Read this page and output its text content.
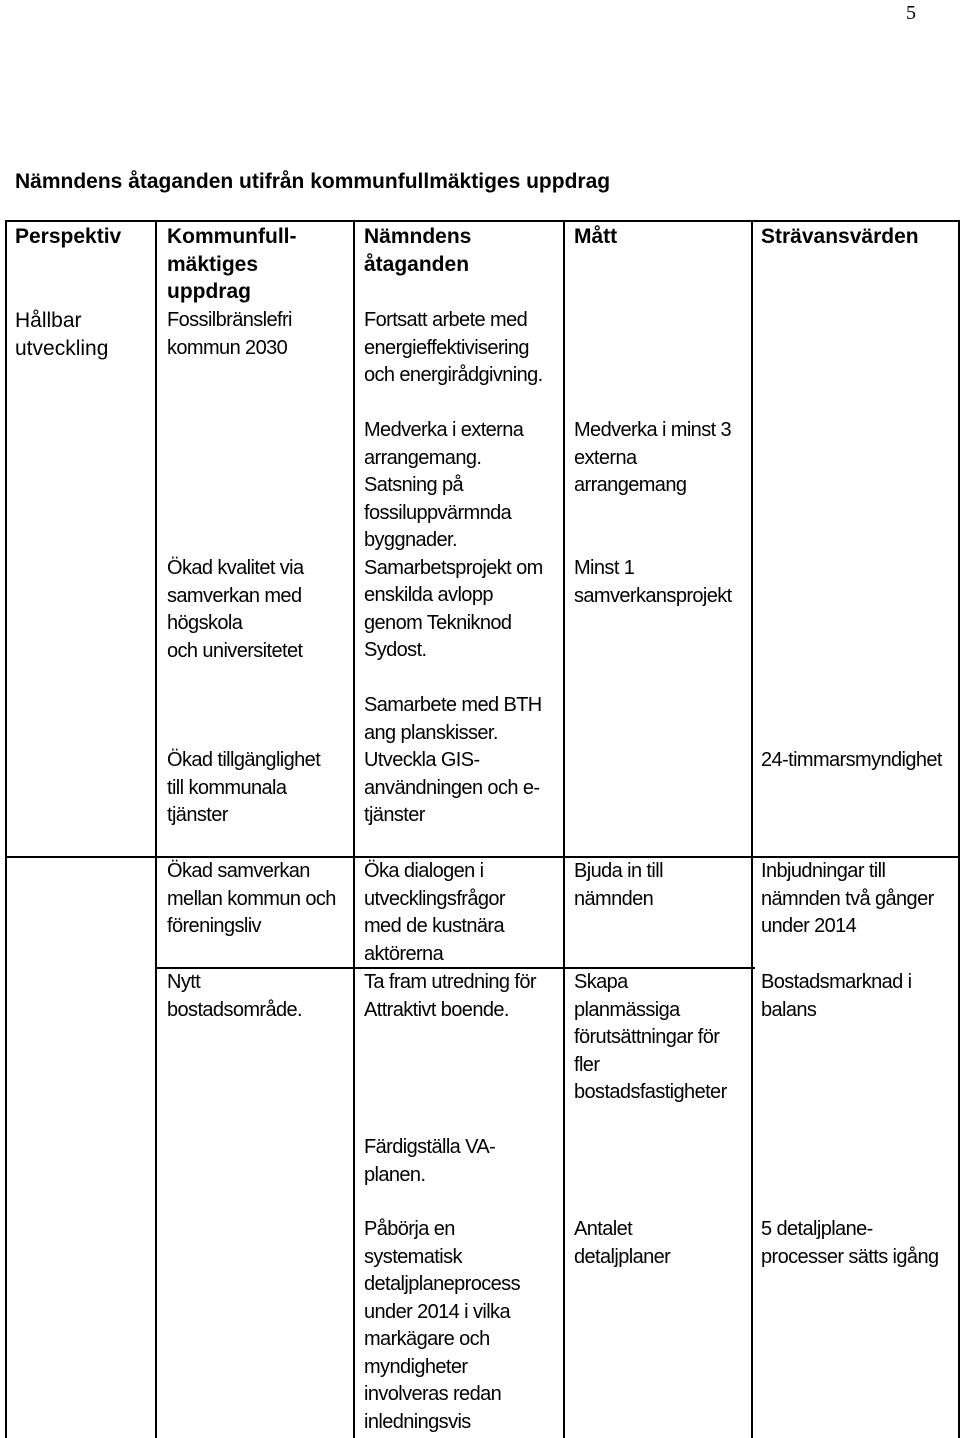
5
Nämndens åtaganden utifrån kommunfullmäktiges uppdrag
Perspektiv Kommunfull-
mäktiges
uppdrag
Nämndens
åtaganden
Mått	Strävansvärden
Hållbar
utveckling
Fossilbränslefri
kommun 2030
Ökad kvalitet via
samverkan med
högskola
och universitetet
Ökad tillgänglighet
till kommunala
tjänster
Ökad samverkan
mellan kommun och
föreningsliv
Nytt
bostadsområde.
Fortsatt arbete med
energieffektivisering
och energirådgivning.
Medverka i externa
arrangemang.
Satsning på
fossiluppvärmnda
byggnader.
Samarbetsprojekt om
enskilda avlopp
genom Tekniknod
Sydost.
Samarbete med BTH
ang planskisser.
Utveckla GIS-
användningen och e-
tjänster
Öka dialogen i
utvecklingsfrågor
med de kustnära
aktörerna
Ta fram utredning för
Attraktivt boende.
Färdigställa VA-
planen.
Påbörja en
systematisk
detaljplaneprocess
under 2014 i vilka
markägare och
myndigheter
involveras redan
inledningsvis
Medverka i minst 3
externa
arrangemang
Minst 1
samverkansprojekt
Bjuda in till
nämnden
Skapa
planmässiga
förutsättningar för
fler
bostadsfastigheter
Antalet
detaljplaner
24-timmarsmyndighet
Inbjudningar till
nämnden två gånger
under 2014
Bostadsmarknad i
balans
5 detaljplane-
processer sätts igång
